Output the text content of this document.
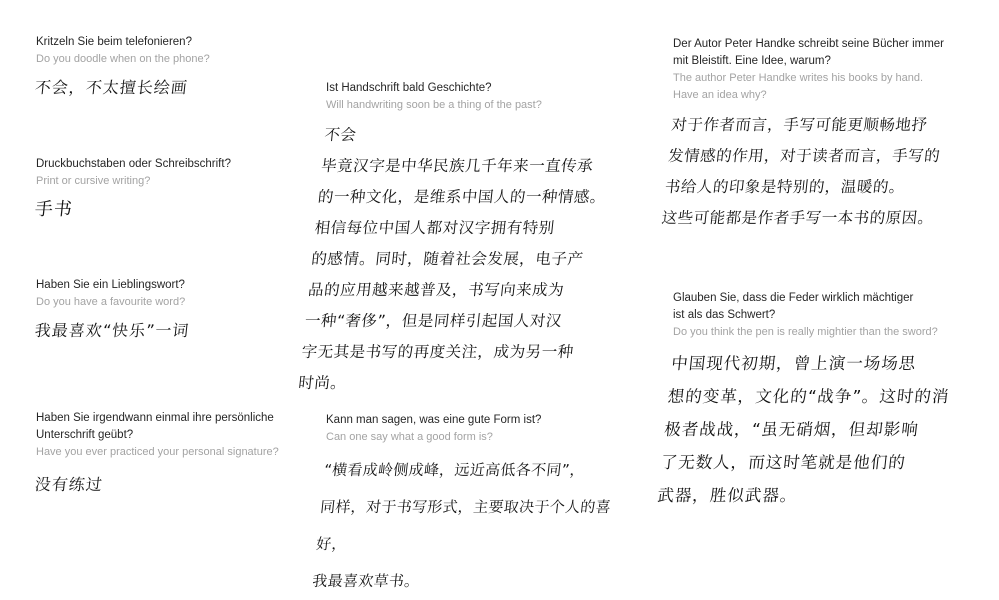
Kritzeln Sie beim telefonieren?
Do you doodle when on the phone?
不会，不太擅长绘画
Druckbuchstaben oder Schreibschrift?
Print or cursive writing?
手书
Haben Sie ein Lieblingswort?
Do you have a favourite word?
我最喜欢“快乐”一词
Haben Sie irgendwann einmal ihre persönliche
Unterschrift geübt?
Have you ever practiced your personal signature?
没有练过
Ist Handschrift bald Geschichte?
Will handwriting soon be a thing of the past?
不会
毕竟汉字是中华民族几千年来一直传承
的一种文化，是维系中国人的一种情感。
相信每位中国人都对汉字拥有特别
的感情。同时，随着社会发展，电子产
品的应用越来越普及，书写向来成为
一种“奢侈”，但是同样引起国人对汉
字无其是书写的再度关注，成为另一种
时尚。
Kann man sagen, was eine gute Form ist?
Can one say what a good form is?
“横看成岭侧成峰，远近高低各不同”，
同样，对于书写形式，主要取决于个人的喜好，
我最喜欢草书。
Der Autor Peter Handke schreibt seine Bücher immer
mit Bleistift. Eine Idee, warum?
The author Peter Handke writes his books by hand.
Have an idea why?
对于作者而言，手写可能更顺畅地抒
发情感的作用，对于读者而言，手写的
书给人的印象是特别的，温暖的。
这些可能都是作者手写一本书的原因。
Glauben Sie, dass die Feder wirklich mächtiger
ist als das Schwert?
Do you think the pen is really mightier than the sword?
中国现代初期，曾上演一场场思
想的变革，文化的“战争”。这时的消
极者战战，“虽无硝烟，但却影响
了无数人，而这时笔就是他们的
武器，胜似武器。
